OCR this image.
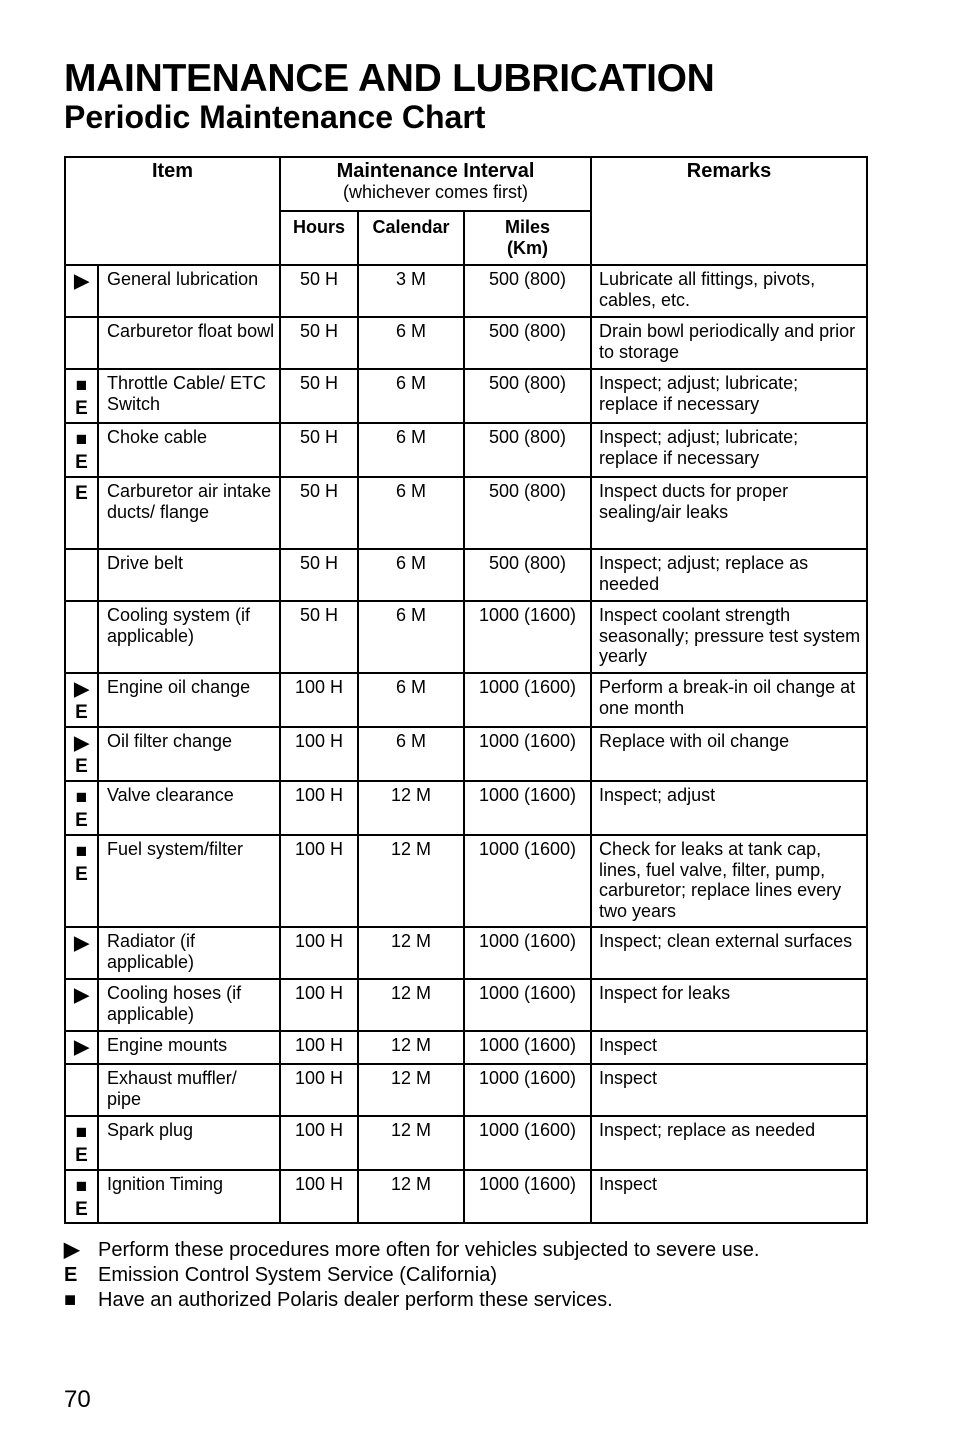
MAINTENANCE AND LUBRICATION
Periodic Maintenance Chart
Item		Maintenance Interval
(whichever comes first)			Remarks

		Hours	Calendar	Miles
(Km)	

▶	General lubrication	50 H	3 M	500 (800)	Lubricate all fittings, pivots, cables, etc.

	Carburetor float bowl	50 H	6 M	500 (800)	Drain bowl periodically and prior to storage

■
E	Throttle Cable/ ETC Switch	50 H	6 M	500 (800)	Inspect; adjust; lubricate; replace if necessary

■
E	Choke cable	50 H	6 M	500 (800)	Inspect; adjust; lubricate; replace if necessary

E	Carburetor air intake ducts/ flange	50 H	6 M	500 (800)	Inspect ducts for proper sealing/air leaks

	Drive belt	50 H	6 M	500 (800)	Inspect; adjust; replace as needed

	Cooling system (if applicable)	50 H	6 M	1000 (1600)	Inspect coolant strength seasonally; pressure test system yearly

▶
E	Engine oil change	100 H	6 M	1000 (1600)	Perform a break-in oil change at one month

▶
E	Oil filter change	100 H	6 M	1000 (1600)	Replace with oil change

■
E	Valve clearance	100 H	12 M	1000 (1600)	Inspect; adjust

■
E	Fuel system/filter	100 H	12 M	1000 (1600)	Check for leaks at tank cap, lines, fuel valve, filter, pump, carburetor; replace lines every two years

▶	Radiator (if applicable)	100 H	12 M	1000 (1600)	Inspect; clean external surfaces

▶	Cooling hoses (if applicable)	100 H	12 M	1000 (1600)	Inspect for leaks

▶	Engine mounts	100 H	12 M	1000 (1600)	Inspect

	Exhaust muffler/ pipe	100 H	12 M	1000 (1600)	Inspect

■
E	Spark plug	100 H	12 M	1000 (1600)	Inspect; replace as needed

■
E	Ignition Timing	100 H	12 M	1000 (1600)	Inspect
▶ Perform these procedures more often for vehicles subjected to severe use.
E	Emission Control System Service (California)
■	Have an authorized Polaris dealer perform these services.
70
